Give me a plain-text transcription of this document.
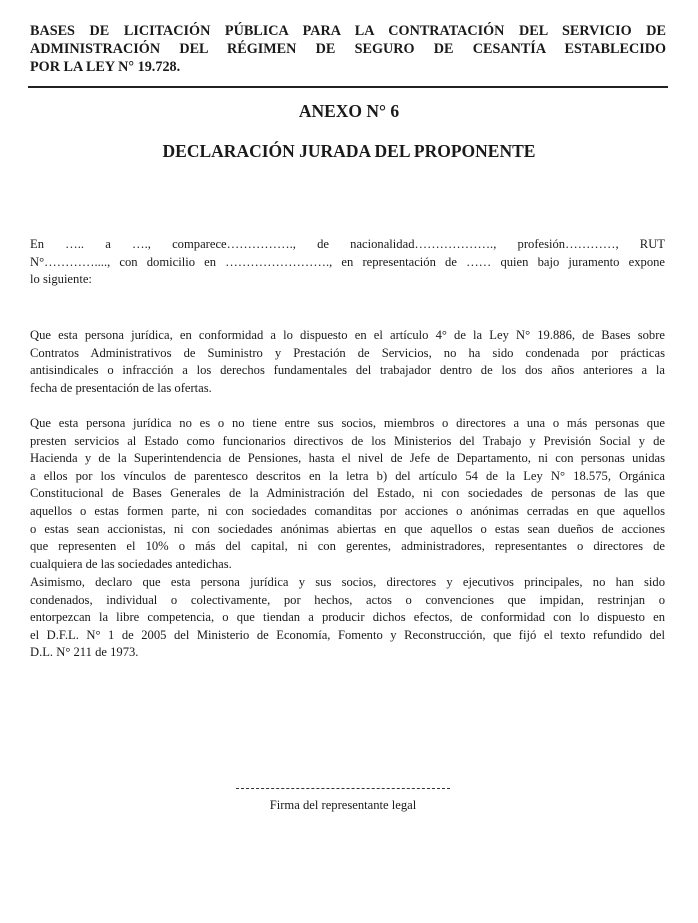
BASES DE LICITACIÓN PÚBLICA PARA LA CONTRATACIÓN DEL SERVICIO DE
ADMINISTRACIÓN DEL RÉGIMEN DE SEGURO DE CESANTÍA ESTABLECIDO
POR LA LEY N° 19.728.
ANEXO N° 6
DECLARACIÓN JURADA DEL PROPONENTE
En ….. a …., comparece……………., de nacionalidad………………., profesión…………, RUT
N°…………...., con domicilio en ……………………., en representación de …… quien bajo juramento expone
lo siguiente:
Que esta persona jurídica, en conformidad a lo dispuesto en el artículo 4° de la Ley N° 19.886, de Bases sobre
Contratos Administrativos de Suministro y Prestación de Servicios, no ha sido condenada por prácticas
antisindicales o infracción a los derechos fundamentales del trabajador dentro de los dos años anteriores a la
fecha de presentación de las ofertas.
Que esta persona jurídica no es o no tiene entre sus socios, miembros o directores a una o más personas que
presten servicios al Estado como funcionarios directivos de los Ministerios del Trabajo y Previsión Social y de
Hacienda y de la Superintendencia de Pensiones, hasta el nivel de Jefe de Departamento, ni con personas unidas
a ellos por los vínculos de parentesco descritos en la letra b) del artículo 54 de la Ley N° 18.575, Orgánica
Constitucional de Bases Generales de la Administración del Estado, ni con sociedades de personas de las que
aquellos o estas formen parte, ni con sociedades comanditas por acciones o anónimas cerradas en que aquellos
o estas sean accionistas, ni con sociedades anónimas abiertas en que aquellos o estas sean dueños de acciones
que representen el 10% o más del capital, ni con gerentes, administradores, representantes o directores de
cualquiera de las sociedades antedichas.
Asimismo, declaro que esta persona jurídica y sus socios, directores y ejecutivos principales, no han sido
condenados, individual o colectivamente, por hechos, actos o convenciones que impidan, restrinjan o
entorpezcan la libre competencia, o que tiendan a producir dichos efectos, de conformidad con lo dispuesto en
el D.F.L. N° 1 de 2005 del Ministerio de Economía, Fomento y Reconstrucción, que fijó el texto refundido del
D.L. N° 211 de 1973.
Firma del representante legal
